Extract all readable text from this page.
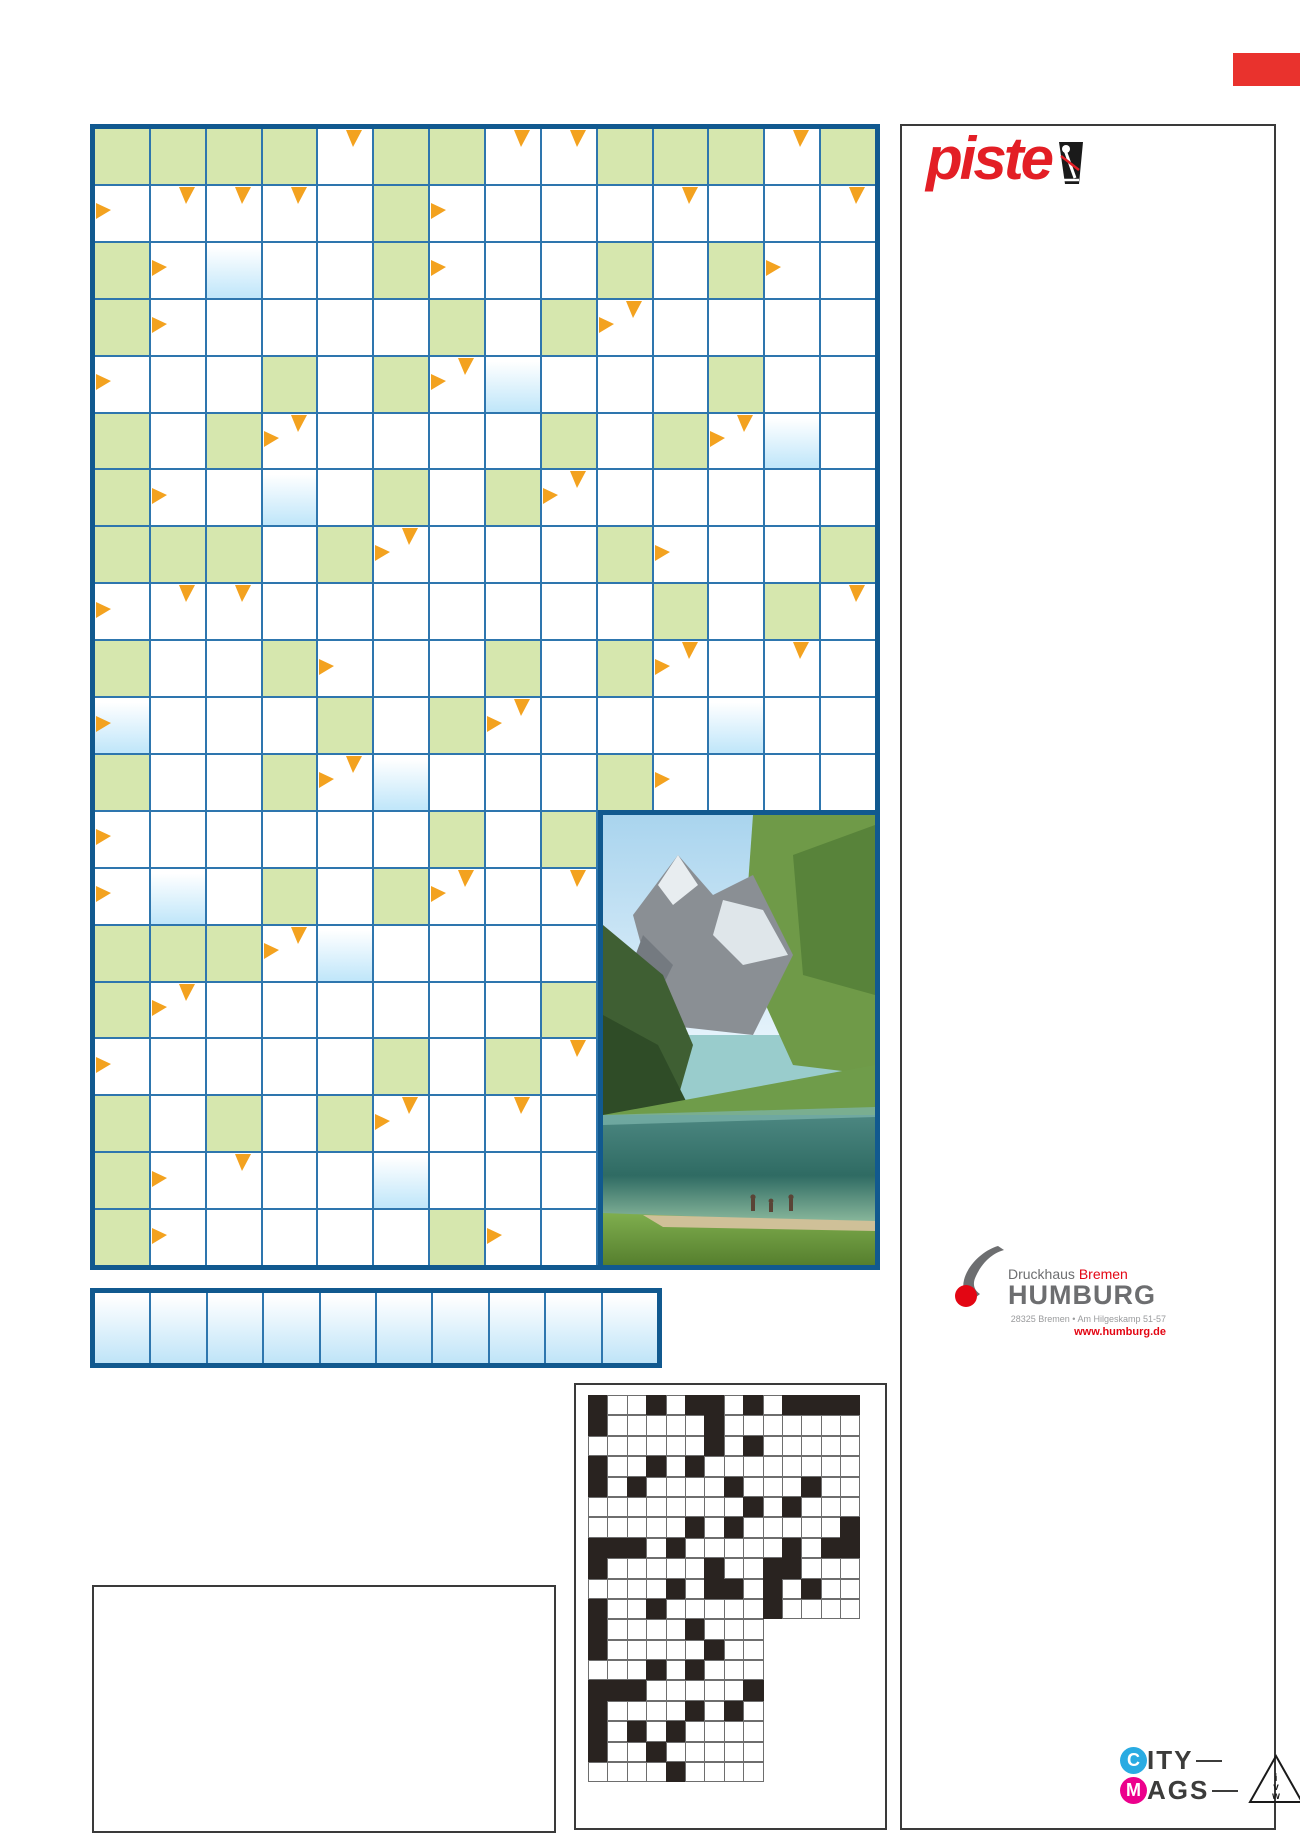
piste
Druckhaus Bremen
HUMBURG
28325 Bremen • Am Hilgeskamp 51-57
www.humburg.de
C ITY
M AGS	i
v
w
